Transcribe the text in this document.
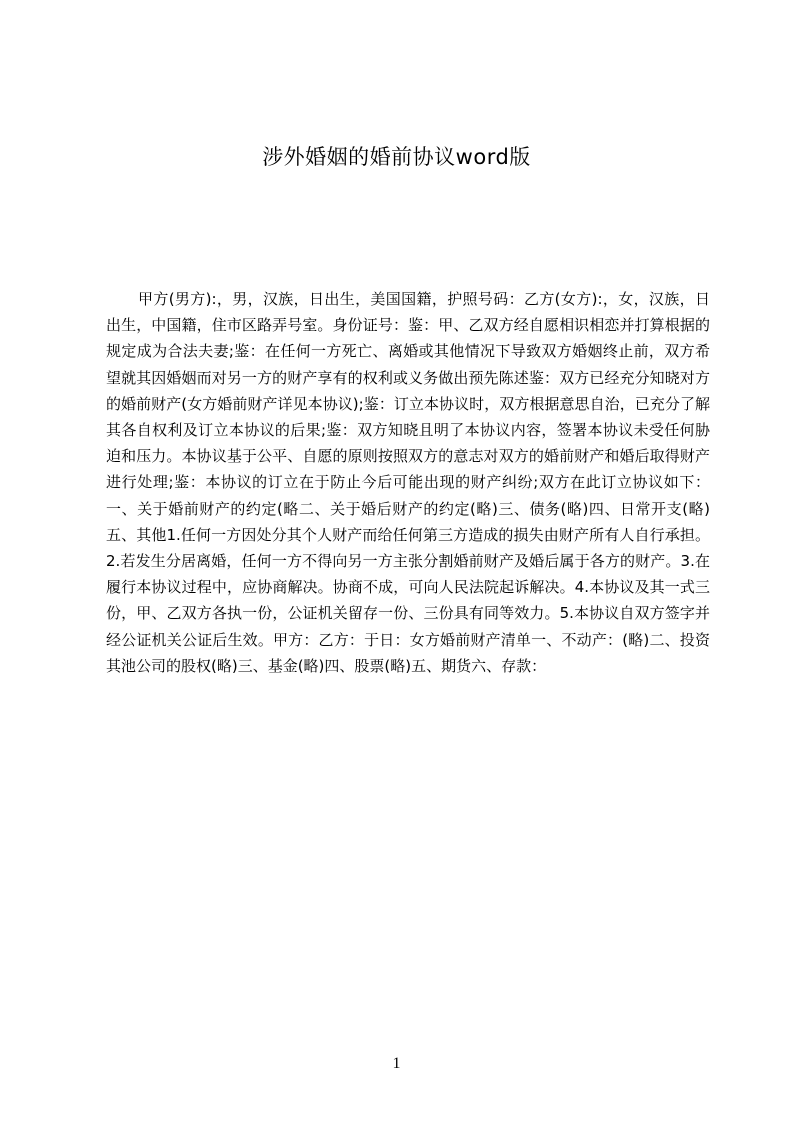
涉外婚姻的婚前协议word版

甲方(男方):，男，汉族，日出生，美国国籍，护照号码：乙方(女方):，女，汉族，日出生，中国籍，住市区路弄号室。身份证号：鉴：甲、乙双方经自愿相识相恋并打算根据的规定成为合法夫妻;鉴：在任何一方死亡、离婚或其他情况下导致双方婚姻终止前，双方希望就其因婚姻而对另一方的财产享有的权利或义务做出预先陈述鉴：双方已经充分知晓对方的婚前财产(女方婚前财产详见本协议);鉴：订立本协议时，双方根据意思自治，已充分了解其各自权利及订立本协议的后果;鉴：双方知晓且明了本协议内容，签署本协议未受任何胁迫和压力。本协议基于公平、自愿的原则按照双方的意志对双方的婚前财产和婚后取得财产进行处理;鉴：本协议的订立在于防止今后可能出现的财产纠纷;双方在此订立协议如下：一、关于婚前财产的约定(略二、关于婚后财产的约定(略)三、债务(略)四、日常开支(略)五、其他1.任何一方因处分其个人财产而给任何第三方造成的损失由财产所有人自行承担。2.若发生分居离婚，任何一方不得向另一方主张分割婚前财产及婚后属于各方的财产。3.在履行本协议过程中，应协商解决。协商不成，可向人民法院起诉解决。4.本协议及其一式三份，甲、乙双方各执一份，公证机关留存一份、三份具有同等效力。5.本协议自双方签字并经公证机关公证后生效。甲方：乙方：于日：女方婚前财产清单一、不动产：(略)二、投资其池公司的股权(略)三、基金(略)四、股票(略)五、期货六、存款：

1
